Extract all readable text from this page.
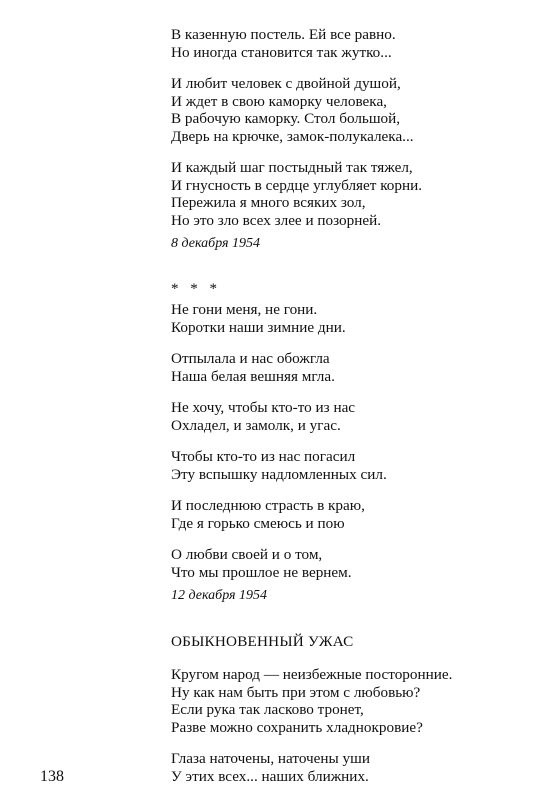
В казенную постель. Ей все равно.
Но иногда становится так жутко...
И любит человек с двойной душой,
И ждет в свою каморку человека,
В рабочую каморку. Стол большой,
Дверь на крючке, замок-полукалека...
И каждый шаг постыдный так тяжел,
И гнусность в сердце углубляет корни.
Пережила я много всяких зол,
Но это зло всех злее и позорней.
8 декабря 1954
* * *
Не гони меня, не гони.
Коротки наши зимние дни.
Отпылала и нас обожгла
Наша белая вешняя мгла.
Не хочу, чтобы кто-то из нас
Охладел, и замолк, и угас.
Чтобы кто-то из нас погасил
Эту вспышку надломленных сил.
И последнюю страсть в краю,
Где я горько смеюсь и пою
О любви своей и о том,
Что мы прошлое не вернем.
12 декабря 1954
ОБЫКНОВЕННЫЙ УЖАС
Кругом народ — неизбежные посторонние.
Ну как нам быть при этом с любовью?
Если рука так ласково тронет,
Разве можно сохранить хладнокровие?
Глаза наточены, наточены уши
У этих всех... наших ближних.
138
